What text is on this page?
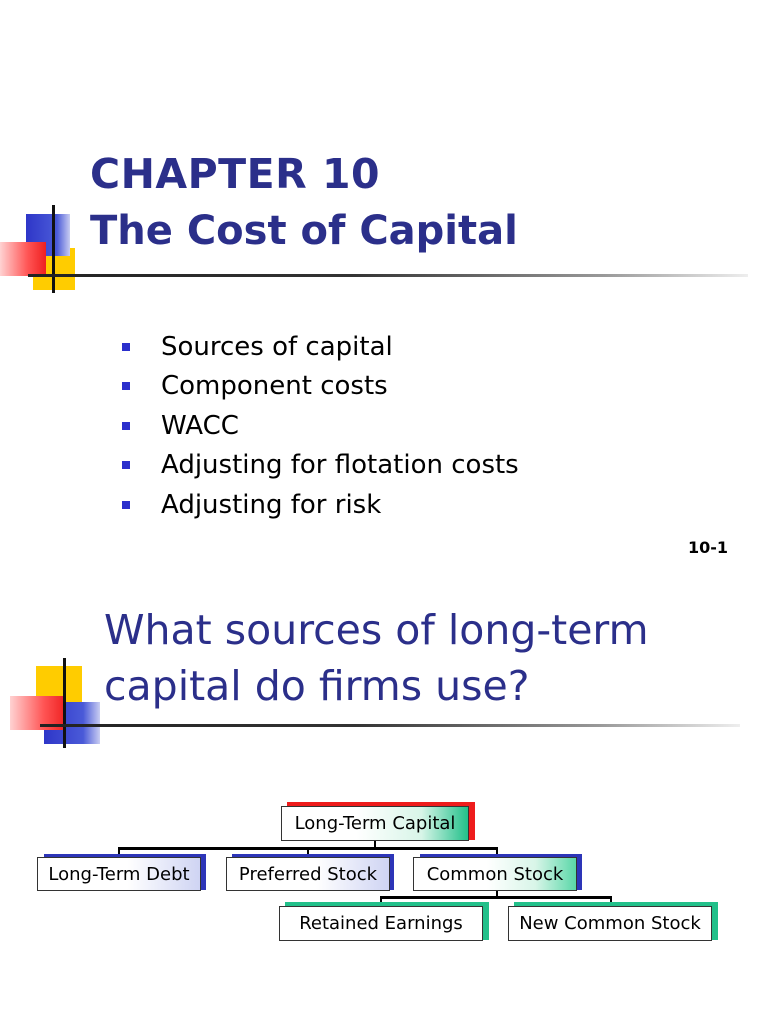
CHAPTER 10
The Cost of Capital
Sources of capital
Component costs
WACC
Adjusting for flotation costs
Adjusting for risk
10-1
What sources of long-term capital do firms use?
Long-Term Capital
Long-Term Debt	Preferred Stock	Common Stock
Retained Earnings	New Common Stock
